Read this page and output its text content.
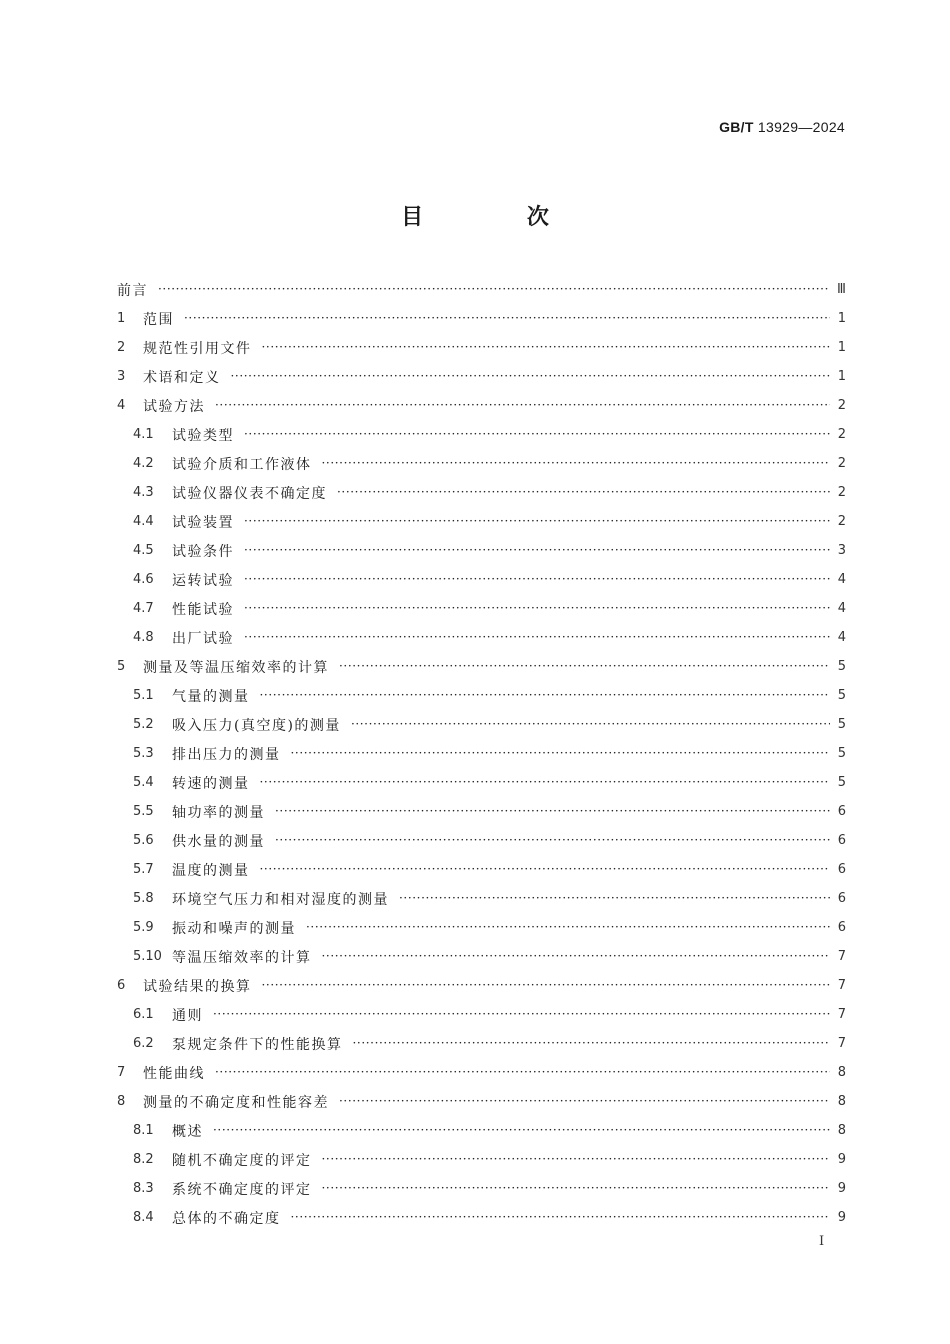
GB/T 13929—2024
目 次
前言 ·····	Ⅲ
1	范围 ·····	1
2	规范性引用文件 ·····	1
3	术语和定义 ·····	1
4	试验方法 ·····	2
4.1	试验类型 ·····	2
4.2	试验介质和工作液体 ·····	2
4.3	试验仪器仪表不确定度 ·····	2
4.4	试验装置 ·····	2
4.5	试验条件 ·····	3
4.6	运转试验 ·····	4
4.7	性能试验 ·····	4
4.8	出厂试验 ·····	4
5	测量及等温压缩效率的计算 ·····	5
5.1	气量的测量 ·····	5
5.2	吸入压力(真空度)的测量 ·····	5
5.3	排出压力的测量 ·····	5
5.4	转速的测量 ·····	5
5.5	轴功率的测量 ·····	6
5.6	供水量的测量 ·····	6
5.7	温度的测量 ·····	6
5.8	环境空气压力和相对湿度的测量 ·····	6
5.9	振动和噪声的测量 ·····	6
5.10 等温压缩效率的计算 ·····	7
6	试验结果的换算 ·····	7
6.1	通则 ·····	7
6.2	泵规定条件下的性能换算 ·····	7
7	性能曲线 ·····	8
8	测量的不确定度和性能容差 ·····	8
8.1	概述 ·····	8
8.2	随机不确定度的评定 ·····	9
8.3	系统不确定度的评定 ·····	9
8.4	总体的不确定度 ·····	9
I
